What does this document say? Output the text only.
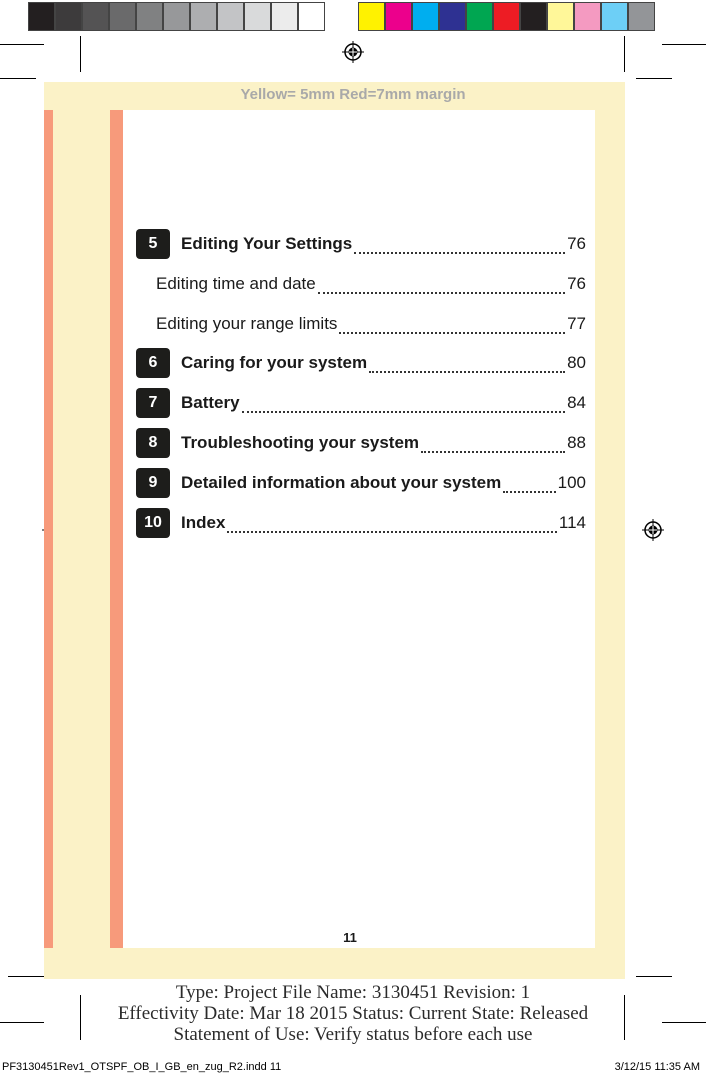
Yellow= 5mm Red=7mm margin
5	Editing Your Settings	76
Editing time and date	76
Editing your range limits	77
6	Caring for your system	80
7	Battery	84
8	Troubleshooting your system	88
9	Detailed information about your system	100
10	Index	114
11
Type: Project File Name: 3130451 Revision: 1
Effectivity Date: Mar 18 2015 Status: Current State: Released
Statement of Use: Verify status before each use
PF3130451Rev1_OTSPF_OB_I_GB_en_zug_R2.indd 11	3/12/15 11:35 AM
